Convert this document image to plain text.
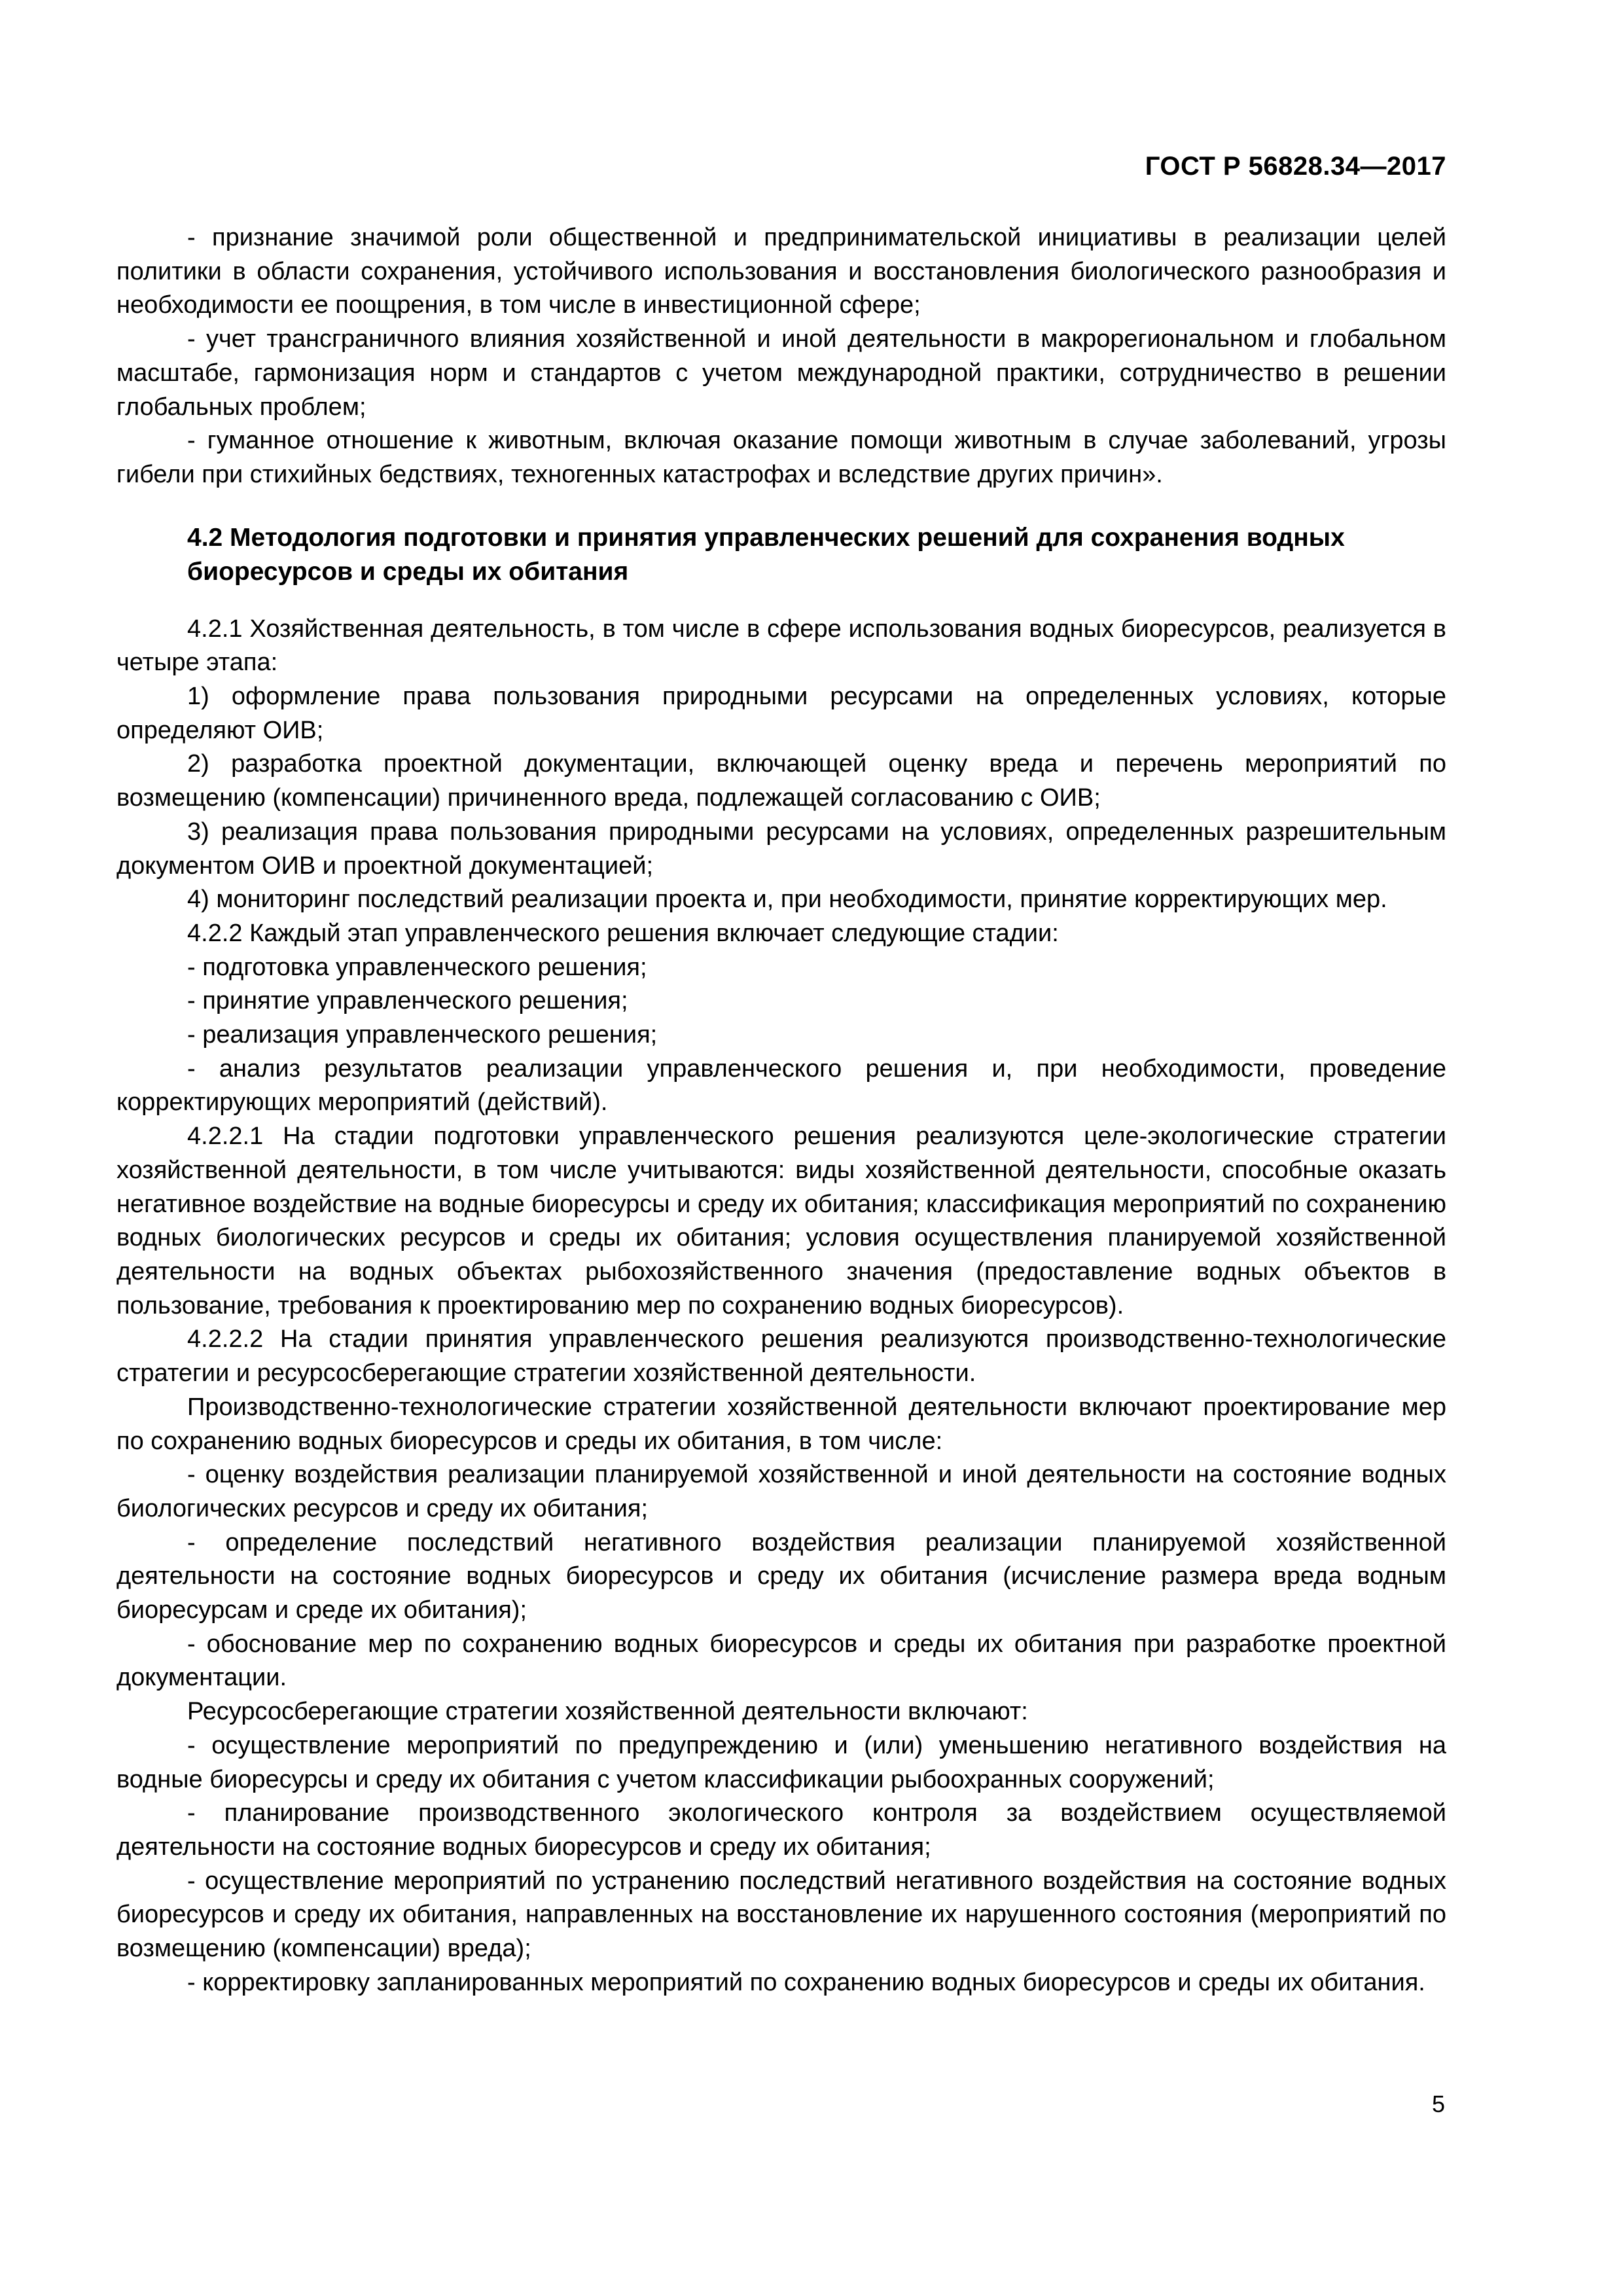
ГОСТ Р 56828.34—2017

- признание значимой роли общественной и предпринимательской инициативы в реализации целей политики в области сохранения, устойчивого использования и восстановления биологического разнообразия и необходимости ее поощрения, в том числе в инвестиционной сфере;

- учет трансграничного влияния хозяйственной и иной деятельности в макрорегиональном и глобальном масштабе, гармонизация норм и стандартов с учетом международной практики, сотрудничество в решении глобальных проблем;

- гуманное отношение к животным, включая оказание помощи животным в случае заболеваний, угрозы гибели при стихийных бедствиях, техногенных катастрофах и вследствие других причин».

4.2 Методология подготовки и принятия управленческих решений для сохранения водных биоресурсов и среды их обитания

4.2.1 Хозяйственная деятельность, в том числе в сфере использования водных биоресурсов, реализуется в четыре этапа:

1) оформление права пользования природными ресурсами на определенных условиях, которые определяют ОИВ;

2) разработка проектной документации, включающей оценку вреда и перечень мероприятий по возмещению (компенсации) причиненного вреда, подлежащей согласованию с ОИВ;

3) реализация права пользования природными ресурсами на условиях, определенных разрешительным документом ОИВ и проектной документацией;

4) мониторинг последствий реализации проекта и, при необходимости, принятие корректирующих мер.

4.2.2 Каждый этап управленческого решения включает следующие стадии:

- подготовка управленческого решения;

- принятие управленческого решения;

- реализация управленческого решения;

- анализ результатов реализации управленческого решения и, при необходимости, проведение корректирующих мероприятий (действий).

4.2.2.1 На стадии подготовки управленческого решения реализуются целе-экологические стратегии хозяйственной деятельности, в том числе учитываются: виды хозяйственной деятельности, способные оказать негативное воздействие на водные биоресурсы и среду их обитания; классификация мероприятий по сохранению водных биологических ресурсов и среды их обитания; условия осуществления планируемой хозяйственной деятельности на водных объектах рыбохозяйственного значения (предоставление водных объектов в пользование, требования к проектированию мер по сохранению водных биоресурсов).

4.2.2.2 На стадии принятия управленческого решения реализуются производственно-технологические стратегии и ресурсосберегающие стратегии хозяйственной деятельности.

Производственно-технологические стратегии хозяйственной деятельности включают проектирование мер по сохранению водных биоресурсов и среды их обитания, в том числе:

- оценку воздействия реализации планируемой хозяйственной и иной деятельности на состояние водных биологических ресурсов и среду их обитания;

- определение последствий негативного воздействия реализации планируемой хозяйственной деятельности на состояние водных биоресурсов и среду их обитания (исчисление размера вреда водным биоресурсам и среде их обитания);

- обоснование мер по сохранению водных биоресурсов и среды их обитания при разработке проектной документации.

Ресурсосберегающие стратегии хозяйственной деятельности включают:

- осуществление мероприятий по предупреждению и (или) уменьшению негативного воздействия на водные биоресурсы и среду их обитания с учетом классификации рыбоохранных сооружений;

- планирование производственного экологического контроля за воздействием осуществляемой деятельности на состояние водных биоресурсов и среду их обитания;

- осуществление мероприятий по устранению последствий негативного воздействия на состояние водных биоресурсов и среду их обитания, направленных на восстановление их нарушенного состояния (мероприятий по возмещению (компенсации) вреда);

- корректировку запланированных мероприятий по сохранению водных биоресурсов и среды их обитания.

5
